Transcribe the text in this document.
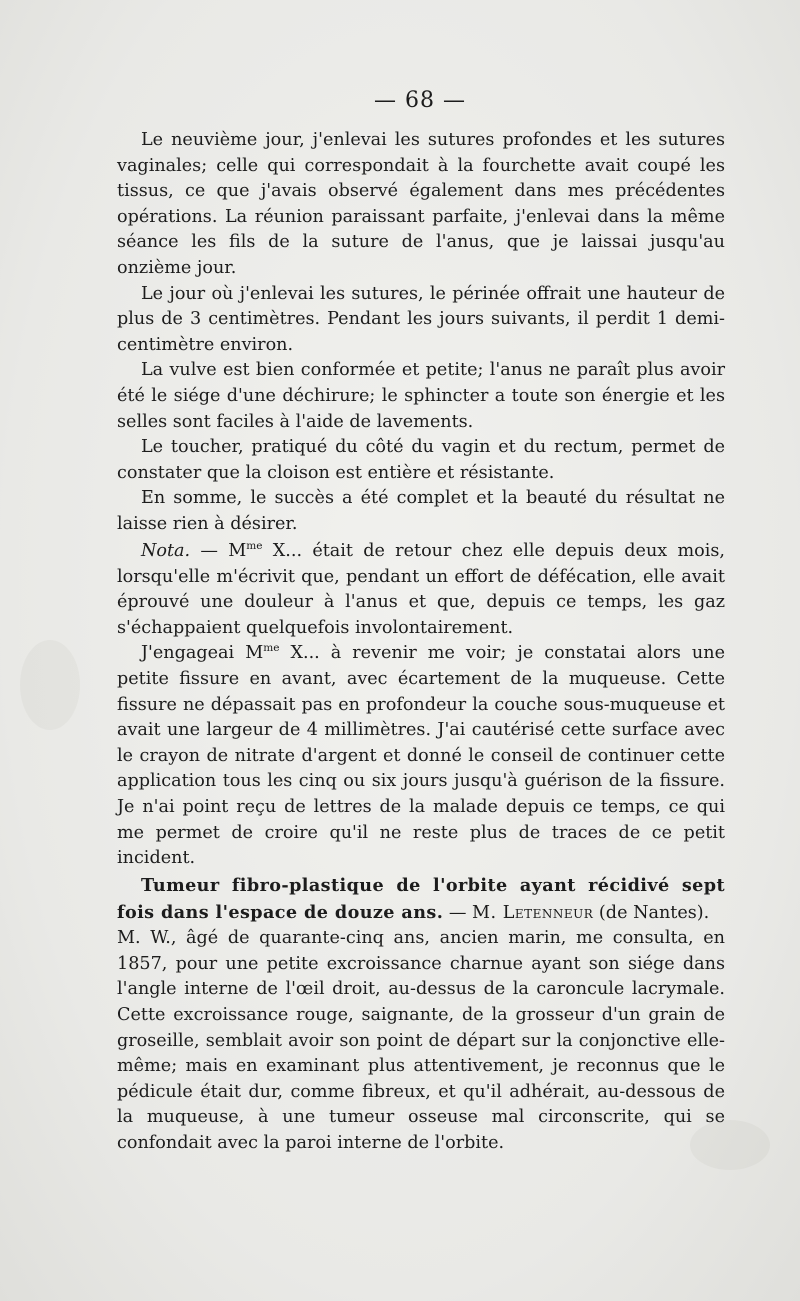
— 68 —

Le neuvième jour, j'enlevai les sutures profondes et les sutures vaginales; celle qui correspondait à la fourchette avait coupé les tissus, ce que j'avais observé également dans mes précédentes opérations. La réunion paraissant parfaite, j'enlevai dans la même séance les fils de la suture de l'anus, que je laissai jusqu'au onzième jour.

Le jour où j'enlevai les sutures, le périnée offrait une hauteur de plus de 3 centimètres. Pendant les jours suivants, il perdit 1 demi-centimètre environ.

La vulve est bien conformée et petite; l'anus ne paraît plus avoir été le siége d'une déchirure; le sphincter a toute son énergie et les selles sont faciles à l'aide de lavements.

Le toucher, pratiqué du côté du vagin et du rectum, permet de constater que la cloison est entière et résistante.

En somme, le succès a été complet et la beauté du résultat ne laisse rien à désirer.

Nota. — $M^{me}$ X... était de retour chez elle depuis deux mois, lorsqu'elle m'écrivit que, pendant un effort de défécation, elle avait éprouvé une douleur à l'anus et que, depuis ce temps, les gaz s'échappaient quelquefois involontairement.

J'engageai $M^{me}$ X... à revenir me voir; je constatai alors une petite fissure en avant, avec écartement de la muqueuse. Cette fissure ne dépassait pas en profondeur la couche sous-muqueuse et avait une largeur de 4 millimètres. J'ai cautérisé cette surface avec le crayon de nitrate d'argent et donné le conseil de continuer cette application tous les cinq ou six jours jusqu'à guérison de la fissure. Je n'ai point reçu de lettres de la malade depuis ce temps, ce qui me permet de croire qu'il ne reste plus de traces de ce petit incident.

Tumeur fibro-plastique de l'orbite ayant récidivé sept fois dans l'espace de douze ans. — M. Letenneur (de Nantes).

M. W., âgé de quarante-cinq ans, ancien marin, me consulta, en 1857, pour une petite excroissance charnue ayant son siége dans l'angle interne de l'œil droit, au-dessus de la caroncule lacrymale. Cette excroissance rouge, saignante, de la grosseur d'un grain de groseille, semblait avoir son point de départ sur la conjonctive elle-même; mais en examinant plus attentivement, je reconnus que le pédicule était dur, comme fibreux, et qu'il adhérait, au-dessous de la muqueuse, à une tumeur osseuse mal circonscrite, qui se confondait avec la paroi interne de l'orbite.
